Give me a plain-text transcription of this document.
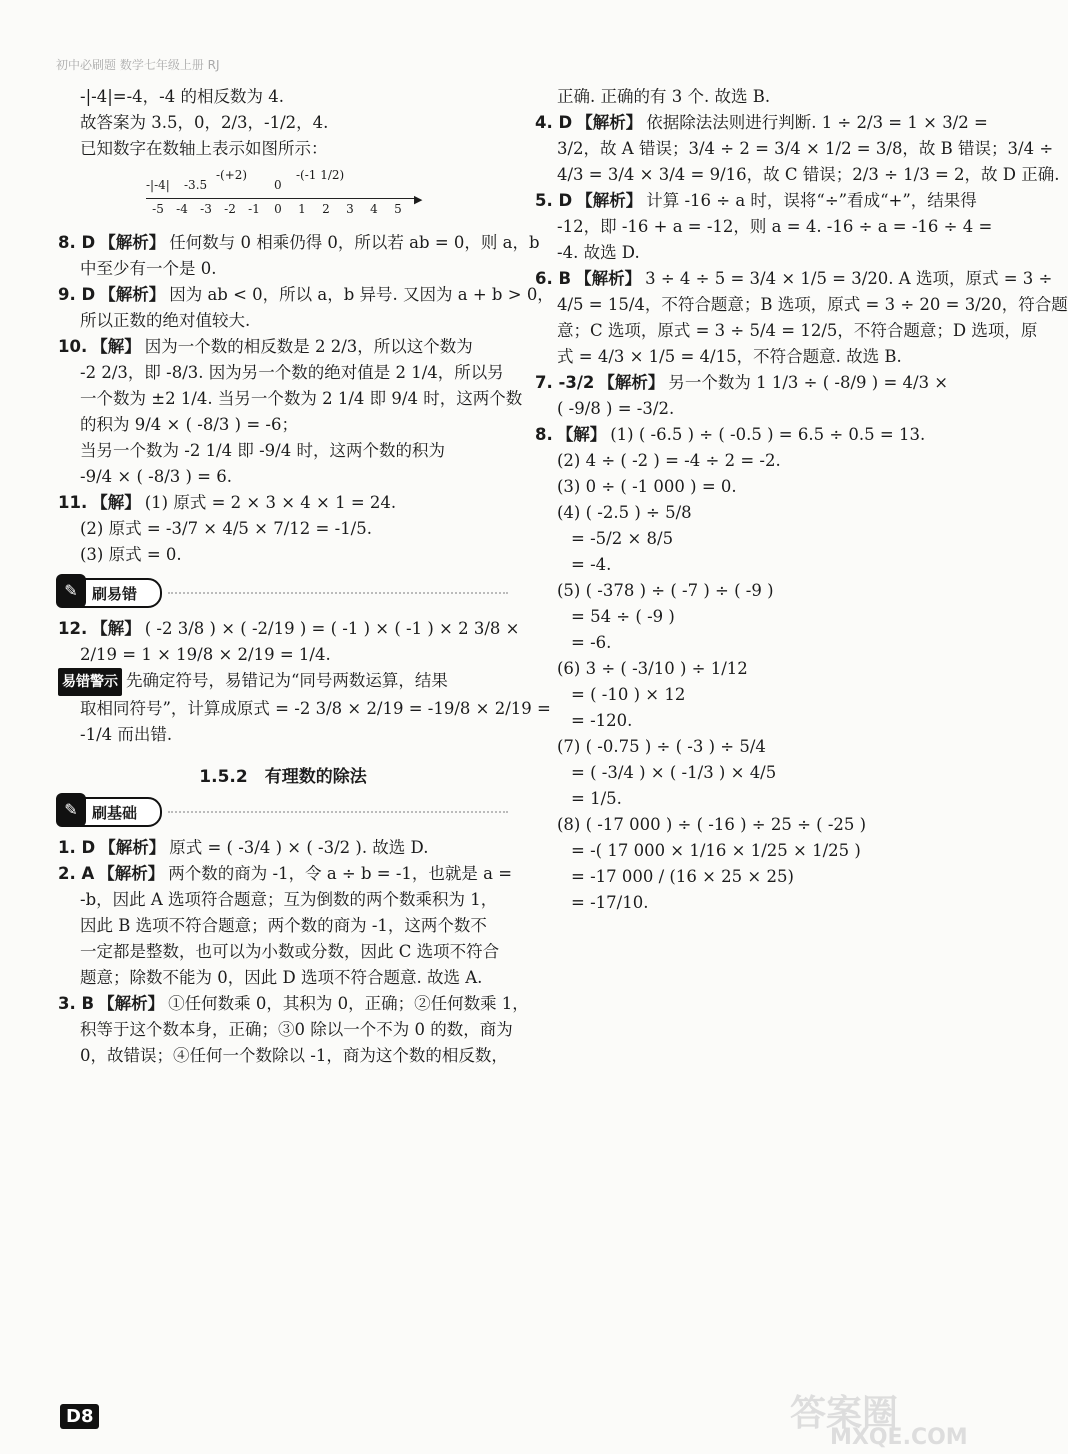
初中必刷题 数学七年级上册 RJ

-|-4|=-4，-4 的相反数为 4.

故答案为 3.5，0，2/3，-1/2，4.

已知数字在数轴上表示如图所示：

▶
-5 -4 -3 -2 -1 0 1 2 3 4 5
-|-4| -3.5
-(+2)
0
-(-1 1/2)

8. D 【解析】 任何数与 0 相乘仍得 0，所以若 ab = 0，则 a，b

中至少有一个是 0.

9. D 【解析】 因为 ab < 0，所以 a，b 异号. 又因为 a + b > 0，

所以正数的绝对值较大.

10. 【解】 因为一个数的相反数是 2 2/3，所以这个数为

-2 2/3，即 -8/3. 因为另一个数的绝对值是 2 1/4，所以另

一个数为 ±2 1/4. 当另一个数为 2 1/4 即 9/4 时，这两个数

的积为 9/4 × ( -8/3 ) = -6；

当另一个数为 -2 1/4 即 -9/4 时，这两个数的积为

-9/4 × ( -8/3 ) = 6.

11. 【解】 (1) 原式 = 2 × 3 × 4 × 1 = 24.

(2) 原式 = -3/7 × 4/5 × 7/12 = -1/5.

(3) 原式 = 0.

✎ 刷易错

12. 【解】 ( -2 3/8 ) × ( -2/19 ) = ( -1 ) × ( -1 ) × 2 3/8 ×

2/19 = 1 × 19/8 × 2/19 = 1/4.

易错警示 先确定符号，易错记为“同号两数运算，结果

取相同符号”，计算成原式 = -2 3/8 × 2/19 = -19/8 × 2/19 =

-1/4 而出错.

1.5.2　有理数的除法
✎ 刷基础

1. D 【解析】 原式 = ( -3/4 ) × ( -3/2 ). 故选 D.

2. A 【解析】 两个数的商为 -1，令 a ÷ b = -1，也就是 a =

-b，因此 A 选项符合题意；互为倒数的两个数乘积为 1，

因此 B 选项不符合题意；两个数的商为 -1，这两个数不

一定都是整数，也可以为小数或分数，因此 C 选项不符合

题意；除数不能为 0，因此 D 选项不符合题意. 故选 A.

3. B 【解析】 ①任何数乘 0，其积为 0，正确；②任何数乘 1，

积等于这个数本身，正确；③0 除以一个不为 0 的数，商为

0，故错误；④任何一个数除以 -1，商为这个数的相反数，

正确. 正确的有 3 个. 故选 B.

4. D 【解析】 依据除法法则进行判断. 1 ÷ 2/3 = 1 × 3/2 =

3/2，故 A 错误；3/4 ÷ 2 = 3/4 × 1/2 = 3/8，故 B 错误；3/4 ÷

4/3 = 3/4 × 3/4 = 9/16，故 C 错误；2/3 ÷ 1/3 = 2，故 D 正确.

5. D 【解析】 计算 -16 ÷ a 时，误将“÷”看成“+”，结果得

-12，即 -16 + a = -12，则 a = 4. -16 ÷ a = -16 ÷ 4 =

-4. 故选 D.

6. B 【解析】 3 ÷ 4 ÷ 5 = 3/4 × 1/5 = 3/20. A 选项，原式 = 3 ÷

4/5 = 15/4，不符合题意；B 选项，原式 = 3 ÷ 20 = 3/20，符合题

意；C 选项，原式 = 3 ÷ 5/4 = 12/5，不符合题意；D 选项，原

式 = 4/3 × 1/5 = 4/15，不符合题意. 故选 B.

7. -3/2 【解析】 另一个数为 1 1/3 ÷ ( -8/9 ) = 4/3 ×

( -9/8 ) = -3/2.

8. 【解】 (1) ( -6.5 ) ÷ ( -0.5 ) = 6.5 ÷ 0.5 = 13.

(2) 4 ÷ ( -2 ) = -4 ÷ 2 = -2.

(3) 0 ÷ ( -1 000 ) = 0.

(4) ( -2.5 ) ÷ 5/8

= -5/2 × 8/5

= -4.

(5) ( -378 ) ÷ ( -7 ) ÷ ( -9 )

= 54 ÷ ( -9 )

= -6.

(6) 3 ÷ ( -3/10 ) ÷ 1/12

= ( -10 ) × 12

= -120.

(7) ( -0.75 ) ÷ ( -3 ) ÷ 5/4

= ( -3/4 ) × ( -1/3 ) × 4/5

= 1/5.

(8) ( -17 000 ) ÷ ( -16 ) ÷ 25 ÷ ( -25 )

= -( 17 000 × 1/16 × 1/25 × 1/25 )

= -17 000 / (16 × 25 × 25)

= -17/10.

D8	答案圈
MXQE.COM
